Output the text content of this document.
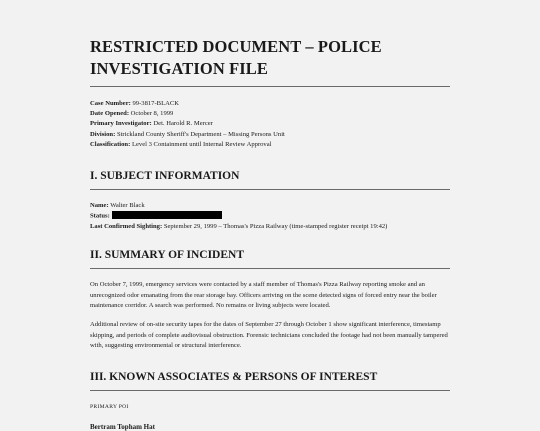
RESTRICTED DOCUMENT – POLICE
INVESTIGATION FILE
Case Number: 99-3817-BLACK
Date Opened: October 8, 1999
Primary Investigator: Det. Harold R. Mercer
Division: Strickland County Sheriff's Department – Missing Persons Unit
Classification: Level 3 Containment until Internal Review Approval
I. SUBJECT INFORMATION
Name: Walter Black
Status:
Last Confirmed Sighting: September 29, 1999 – Thomas's Pizza Railway (time-stamped register receipt 19:42)
II. SUMMARY OF INCIDENT

On October 7, 1999, emergency services were contacted by a staff member of Thomas's Pizza Railway reporting smoke and an unrecognized odor emanating from the rear storage bay. Officers arriving on the scene detected signs of forced entry near the boiler maintenance corridor. A search was performed. No remains or living subjects were located.

Additional review of on-site security tapes for the dates of September 27 through October 1 show significant interference, timestamp skipping, and periods of complete audiovisual obstruction. Forensic technicians concluded the footage had not been manually tampered with, suggesting environmental or structural interference.

III. KNOWN ASSOCIATES & PERSONS OF INTEREST
PRIMARY POI
Bertram Topham Hat
